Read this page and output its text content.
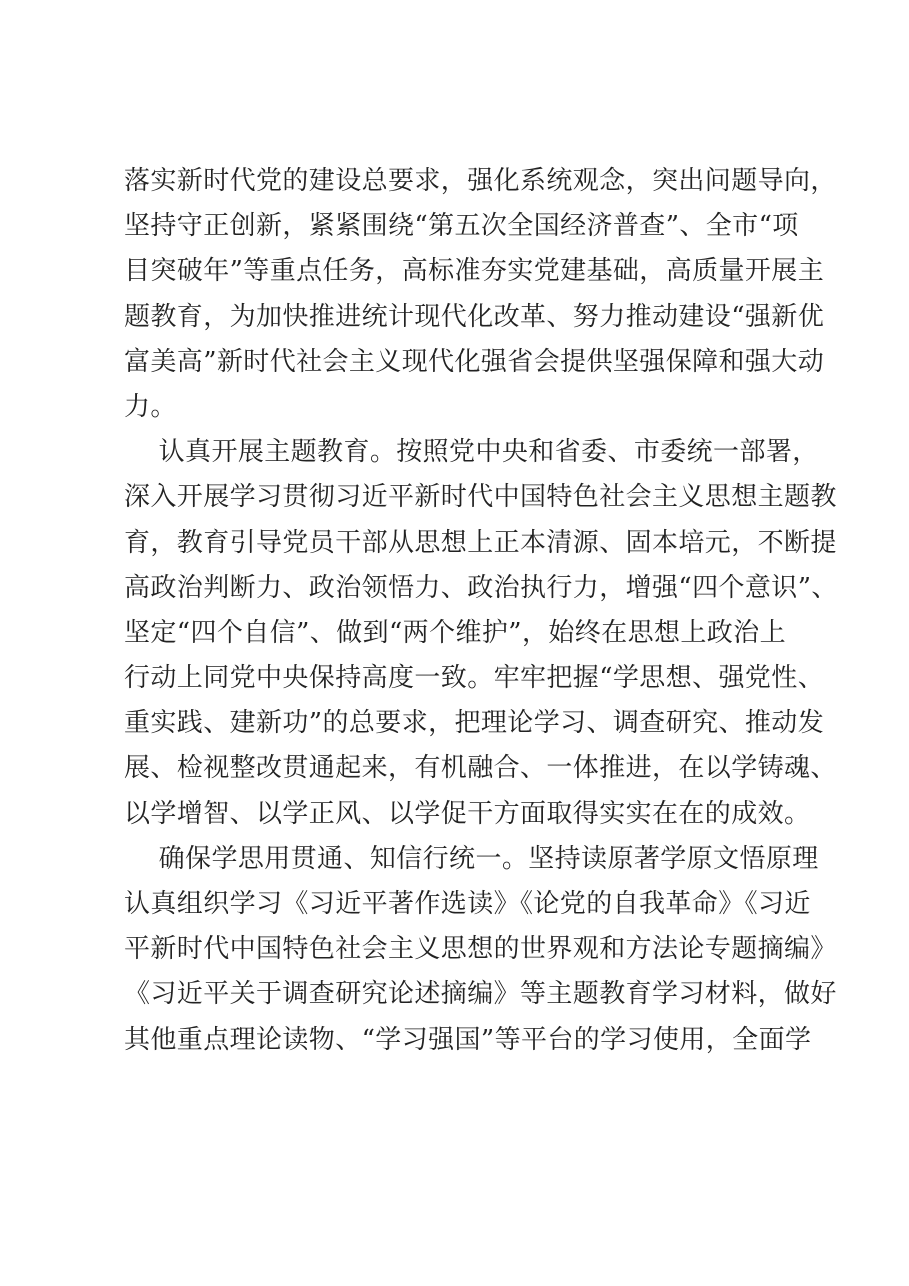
落实新时代党的建设总要求，强化系统观念，突出问题导向，
坚持守正创新，紧紧围绕“第五次全国经济普查”、全市“项
目突破年”等重点任务，高标准夯实党建基础，高质量开展主
题教育，为加快推进统计现代化改革、努力推动建设“强新优
富美高”新时代社会主义现代化强省会提供坚强保障和强大动
力。
认真开展主题教育。按照党中央和省委、市委统一部署，
深入开展学习贯彻习近平新时代中国特色社会主义思想主题教
育，教育引导党员干部从思想上正本清源、固本培元，不断提
高政治判断力、政治领悟力、政治执行力，增强“四个意识”、
坚定“四个自信”、做到“两个维护”，始终在思想上政治上
行动上同党中央保持高度一致。牢牢把握“学思想、强党性、
重实践、建新功”的总要求，把理论学习、调查研究、推动发
展、检视整改贯通起来，有机融合、一体推进，在以学铸魂、
以学增智、以学正风、以学促干方面取得实实在在的成效。
确保学思用贯通、知信行统一。坚持读原著学原文悟原理
认真组织学习《习近平著作选读》《论党的自我革命》《习近
平新时代中国特色社会主义思想的世界观和方法论专题摘编》
《习近平关于调查研究论述摘编》等主题教育学习材料，做好
其他重点理论读物、“学习强国”等平台的学习使用，全面学
